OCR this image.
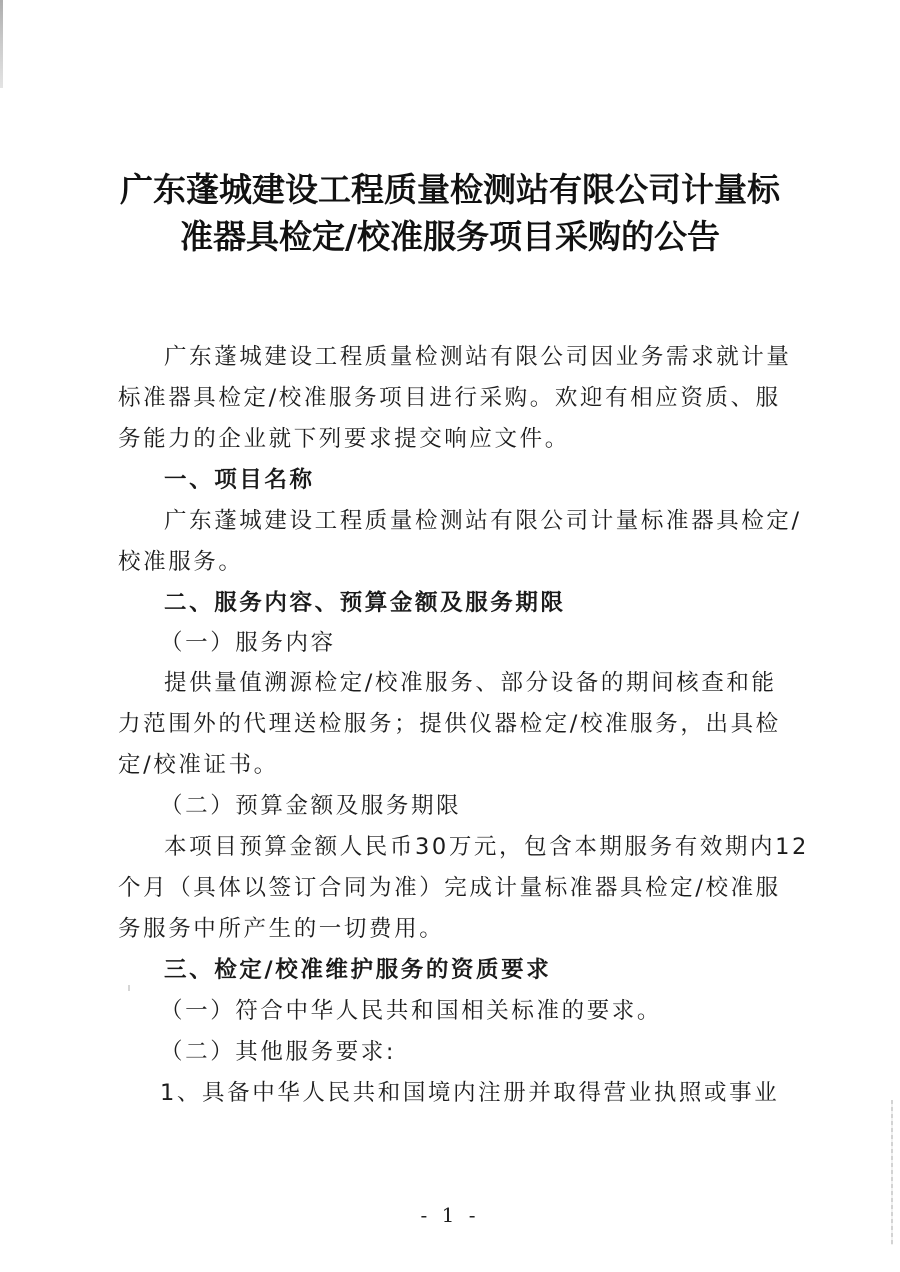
广东蓬城建设工程质量检测站有限公司计量标
准器具检定/校准服务项目采购的公告
广东蓬城建设工程质量检测站有限公司因业务需求就计量
标准器具检定/校准服务项目进行采购。欢迎有相应资质、服
务能力的企业就下列要求提交响应文件。
一、项目名称
广东蓬城建设工程质量检测站有限公司计量标准器具检定/
校准服务。
二、服务内容、预算金额及服务期限
（一）服务内容
提供量值溯源检定/校准服务、部分设备的期间核查和能
力范围外的代理送检服务；提供仪器检定/校准服务，出具检
定/校准证书。
（二）预算金额及服务期限
本项目预算金额人民币30万元，包含本期服务有效期内12
个月（具体以签订合同为准）完成计量标准器具检定/校准服
务服务中所产生的一切费用。
三、检定/校准维护服务的资质要求
（一）符合中华人民共和国相关标准的要求。
（二）其他服务要求:
1、具备中华人民共和国境内注册并取得营业执照或事业
- 1 -
